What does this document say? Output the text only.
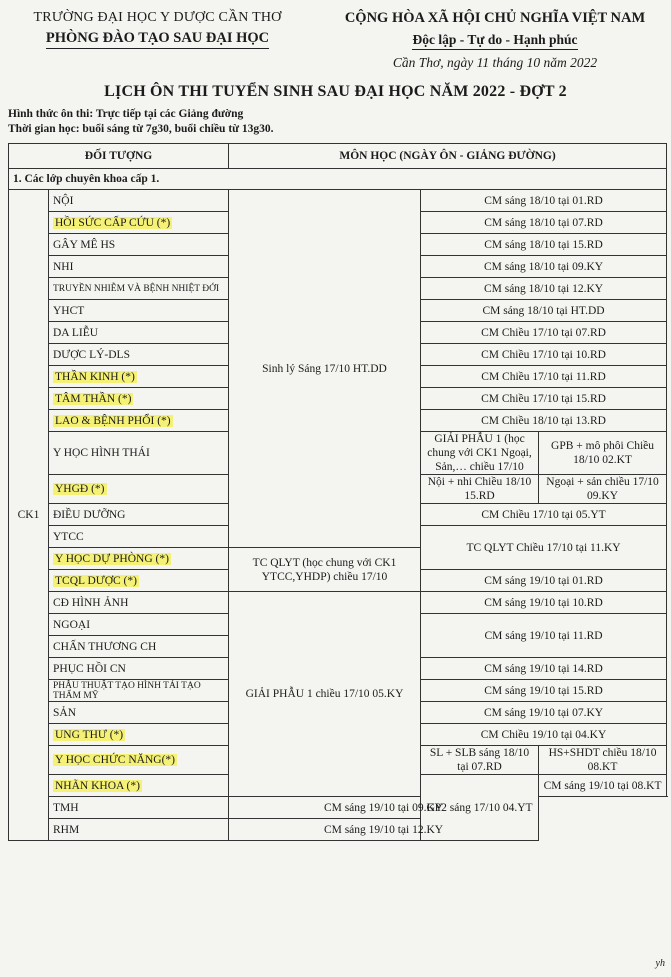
TRƯỜNG ĐẠI HỌC Y DƯỢC CẦN THƠ
PHÒNG ĐÀO TẠO SAU ĐẠI HỌC
CỘNG HÒA XÃ HỘI CHỦ NGHĨA VIỆT NAM
Độc lập - Tự do - Hạnh phúc
Cần Thơ, ngày 11 tháng 10 năm 2022
LỊCH ÔN THI TUYỂN SINH SAU ĐẠI HỌC NĂM 2022 - ĐỢT 2
Hình thức ôn thi: Trực tiếp tại các Giảng đường
Thời gian học: buổi sáng từ 7g30, buổi chiều từ 13g30.
ĐỐI TƯỢNG		MÔN HỌC (NGÀY ÔN - GIẢNG ĐƯỜNG)		
1. Các lớp chuyên khoa cấp 1.				
CK1	NỘI	Sinh lý Sáng 17/10 HT.DD	CM sáng 18/10 tại 01.RD	
	HỒI SỨC CẤP CỨU (*)		CM sáng 18/10 tại 07.RD	
	GÂY MÊ HS		CM sáng 18/10 tại 15.RD	
	NHI		CM sáng 18/10 tại 09.KY	
	TRUYỀN NHIỄM VÀ BỆNH NHIỆT ĐỚI		CM sáng 18/10 tại 12.KY	
	YHCT		CM sáng 18/10 tại HT.DD	
	DA LIỄU		CM Chiều 17/10 tại 07.RD	
	DƯỢC LÝ-DLS		CM Chiều 17/10 tại 10.RD	
	THẦN KINH (*)		CM Chiều 17/10 tại 11.RD	
	TÂM THẦN (*)		CM Chiều 17/10 tại 15.RD	
	LAO & BỆNH PHỔI (*)		CM Chiều 18/10 tại 13.RD	
	Y HỌC HÌNH THÁI		GIẢI PHẪU 1 (học chung với CK1 Ngoại, Sản,… chiều 17/10	GPB + mô phôi Chiều 18/10 02.KT
	YHGĐ (*)		Nội + nhi Chiều 18/10 15.RD	Ngoại + sản chiều 17/10 09.KY
	ĐIỀU DƯỠNG		CM Chiều 17/10 tại 05.YT	
	YTCC		TC QLYT Chiều 17/10 tại 11.KY	
	Y HỌC DỰ PHÒNG (*)	TC QLYT (học chung với CK1 YTCC,YHDP) chiều 17/10		
	TCQL DƯỢC (*)		CM sáng 19/10 tại 01.RD	
	CĐ HÌNH ẢNH	GIẢI PHẪU 1 chiều 17/10 05.KY	CM sáng 19/10 tại 10.RD	
	NGOẠI		CM sáng 19/10 tại 11.RD	
	CHẤN THƯƠNG CH			
	PHỤC HỒI CN		CM sáng 19/10 tại 14.RD	
	PHẪU THUẬT TẠO HÌNH TÁI TẠO THẨM MỸ		CM sáng 19/10 tại 15.RD	
	SẢN		CM sáng 19/10 tại 07.KY	
	UNG THƯ (*)		CM Chiều 19/10 tại 04.KY	
	Y HỌC CHỨC NĂNG(*)		SL + SLB sáng 18/10 tại 07.RD	HS+SHDT chiều 18/10 08.KT
	NHÃN KHOA (*)		GP2 sáng 17/10 04.YT	CM sáng 19/10 tại 08.KT
	TMH	CM sáng 19/10 tại 09.KY		
	RHM	CM sáng 19/10 tại 12.KY		
yh
